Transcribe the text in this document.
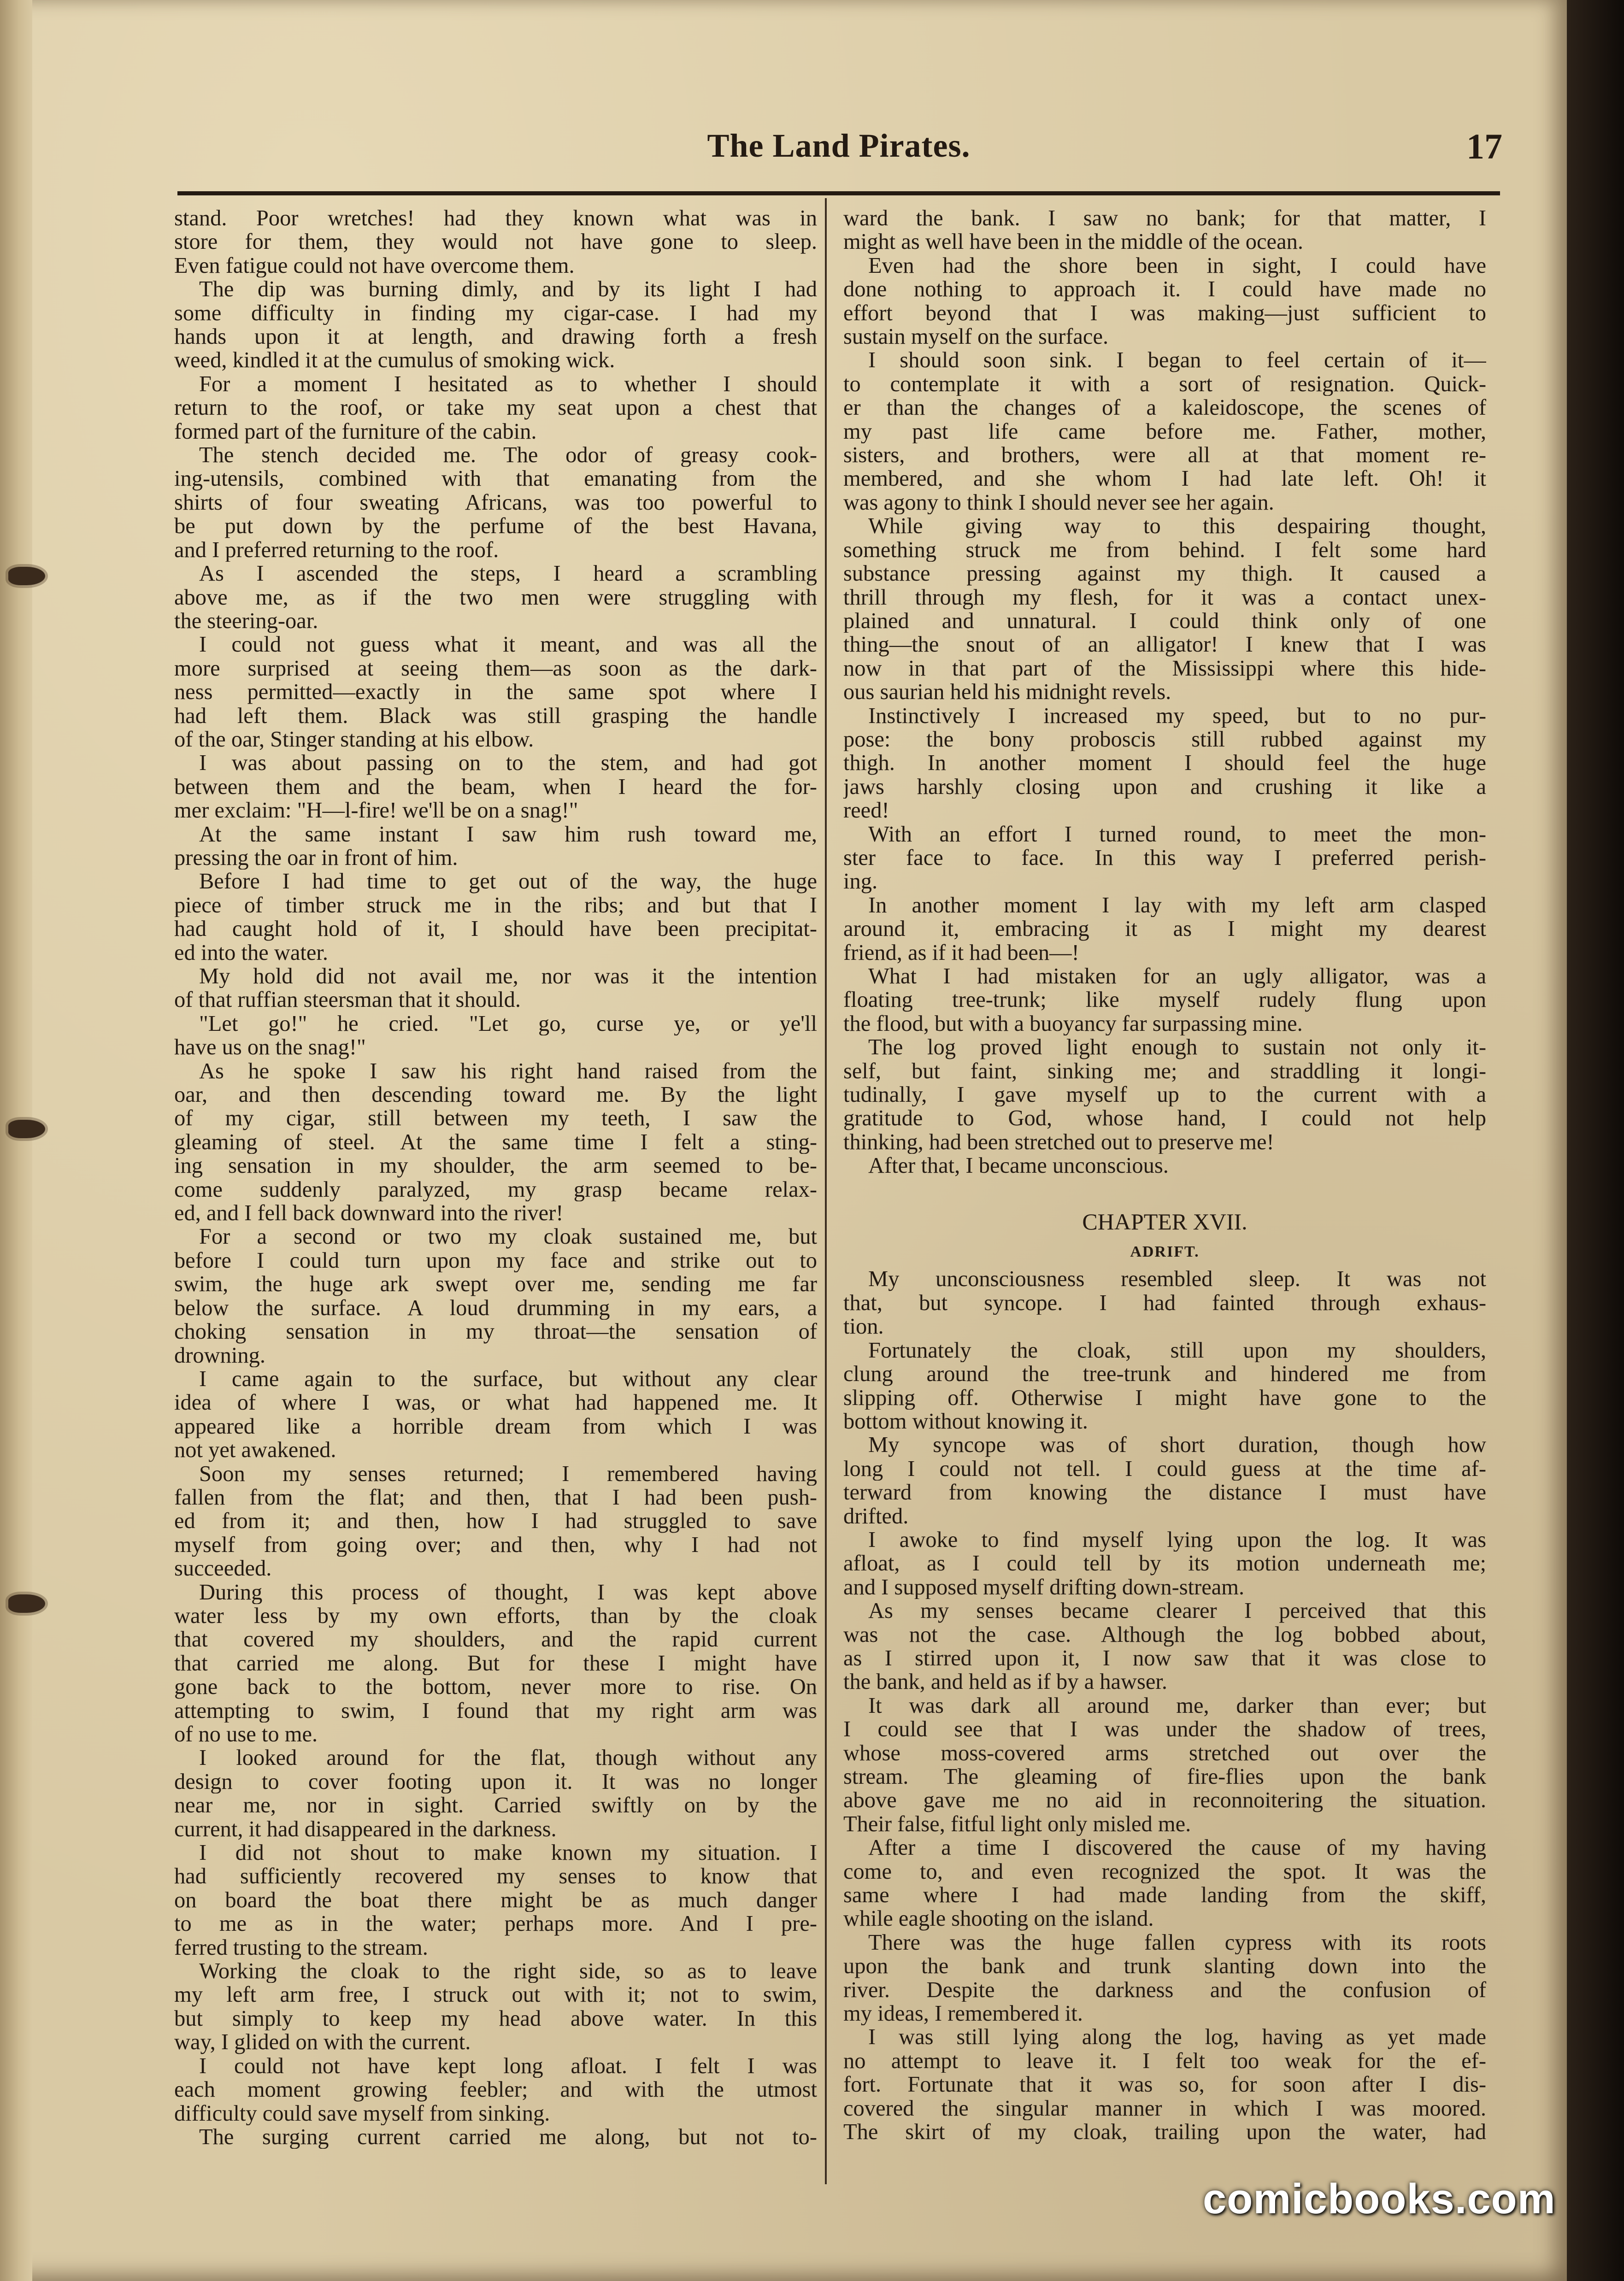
The Land Pirates.	17
stand. Poor wretches! had they known what was in
store for them, they would not have gone to sleep.
Even fatigue could not have overcome them.
The dip was burning dimly, and by its light I had
some difficulty in finding my cigar-case. I had my
hands upon it at length, and drawing forth a fresh
weed, kindled it at the cumulus of smoking wick.
For a moment I hesitated as to whether I should
return to the roof, or take my seat upon a chest that
formed part of the furniture of the cabin.
The stench decided me. The odor of greasy cook-
ing-utensils, combined with that emanating from the
shirts of four sweating Africans, was too powerful to
be put down by the perfume of the best Havana,
and I preferred returning to the roof.
As I ascended the steps, I heard a scrambling
above me, as if the two men were struggling with
the steering-oar.
I could not guess what it meant, and was all the
more surprised at seeing them—as soon as the dark-
ness permitted—exactly in the same spot where I
had left them. Black was still grasping the handle
of the oar, Stinger standing at his elbow.
I was about passing on to the stem, and had got
between them and the beam, when I heard the for-
mer exclaim: "H—l-fire! we'll be on a snag!"
At the same instant I saw him rush toward me,
pressing the oar in front of him.
Before I had time to get out of the way, the huge
piece of timber struck me in the ribs; and but that I
had caught hold of it, I should have been precipitat-
ed into the water.
My hold did not avail me, nor was it the intention
of that ruffian steersman that it should.
"Let go!" he cried. "Let go, curse ye, or ye'll
have us on the snag!"
As he spoke I saw his right hand raised from the
oar, and then descending toward me. By the light
of my cigar, still between my teeth, I saw the
gleaming of steel. At the same time I felt a sting-
ing sensation in my shoulder, the arm seemed to be-
come suddenly paralyzed, my grasp became relax-
ed, and I fell back downward into the river!
For a second or two my cloak sustained me, but
before I could turn upon my face and strike out to
swim, the huge ark swept over me, sending me far
below the surface. A loud drumming in my ears, a
choking sensation in my throat—the sensation of
drowning.
I came again to the surface, but without any clear
idea of where I was, or what had happened me. It
appeared like a horrible dream from which I was
not yet awakened.
Soon my senses returned; I remembered having
fallen from the flat; and then, that I had been push-
ed from it; and then, how I had struggled to save
myself from going over; and then, why I had not
succeeded.
During this process of thought, I was kept above
water less by my own efforts, than by the cloak
that covered my shoulders, and the rapid current
that carried me along. But for these I might have
gone back to the bottom, never more to rise. On
attempting to swim, I found that my right arm was
of no use to me.
I looked around for the flat, though without any
design to cover footing upon it. It was no longer
near me, nor in sight. Carried swiftly on by the
current, it had disappeared in the darkness.
I did not shout to make known my situation. I
had sufficiently recovered my senses to know that
on board the boat there might be as much danger
to me as in the water; perhaps more. And I pre-
ferred trusting to the stream.
Working the cloak to the right side, so as to leave
my left arm free, I struck out with it; not to swim,
but simply to keep my head above water. In this
way, I glided on with the current.
I could not have kept long afloat. I felt I was
each moment growing feebler; and with the utmost
difficulty could save myself from sinking.
The surging current carried me along, but not to-
ward the bank. I saw no bank; for that matter, I
might as well have been in the middle of the ocean.
Even had the shore been in sight, I could have
done nothing to approach it. I could have made no
effort beyond that I was making—just sufficient to
sustain myself on the surface.
I should soon sink. I began to feel certain of it—
to contemplate it with a sort of resignation. Quick-
er than the changes of a kaleidoscope, the scenes of
my past life came before me. Father, mother,
sisters, and brothers, were all at that moment re-
membered, and she whom I had late left. Oh! it
was agony to think I should never see her again.
While giving way to this despairing thought,
something struck me from behind. I felt some hard
substance pressing against my thigh. It caused a
thrill through my flesh, for it was a contact unex-
plained and unnatural. I could think only of one
thing—the snout of an alligator! I knew that I was
now in that part of the Mississippi where this hide-
ous saurian held his midnight revels.
Instinctively I increased my speed, but to no pur-
pose: the bony proboscis still rubbed against my
thigh. In another moment I should feel the huge
jaws harshly closing upon and crushing it like a
reed!
With an effort I turned round, to meet the mon-
ster face to face. In this way I preferred perish-
ing.
In another moment I lay with my left arm clasped
around it, embracing it as I might my dearest
friend, as if it had been—!
What I had mistaken for an ugly alligator, was a
floating tree-trunk; like myself rudely flung upon
the flood, but with a buoyancy far surpassing mine.
The log proved light enough to sustain not only it-
self, but faint, sinking me; and straddling it longi-
tudinally, I gave myself up to the current with a
gratitude to God, whose hand, I could not help
thinking, had been stretched out to preserve me!
After that, I became unconscious.
CHAPTER XVII.
ADRIFT.
My unconsciousness resembled sleep. It was not
that, but syncope. I had fainted through exhaus-
tion.
Fortunately the cloak, still upon my shoulders,
clung around the tree-trunk and hindered me from
slipping off. Otherwise I might have gone to the
bottom without knowing it.
My syncope was of short duration, though how
long I could not tell. I could guess at the time af-
terward from knowing the distance I must have
drifted.
I awoke to find myself lying upon the log. It was
afloat, as I could tell by its motion underneath me;
and I supposed myself drifting down-stream.
As my senses became clearer I perceived that this
was not the case. Although the log bobbed about,
as I stirred upon it, I now saw that it was close to
the bank, and held as if by a hawser.
It was dark all around me, darker than ever; but
I could see that I was under the shadow of trees,
whose moss-covered arms stretched out over the
stream. The gleaming of fire-flies upon the bank
above gave me no aid in reconnoitering the situation.
Their false, fitful light only misled me.
After a time I discovered the cause of my having
come to, and even recognized the spot. It was the
same where I had made landing from the skiff,
while eagle shooting on the island.
There was the huge fallen cypress with its roots
upon the bank and trunk slanting down into the
river. Despite the darkness and the confusion of
my ideas, I remembered it.
I was still lying along the log, having as yet made
no attempt to leave it. I felt too weak for the ef-
fort. Fortunate that it was so, for soon after I dis-
covered the singular manner in which I was moored.
The skirt of my cloak, trailing upon the water, had
comicbooks.com
